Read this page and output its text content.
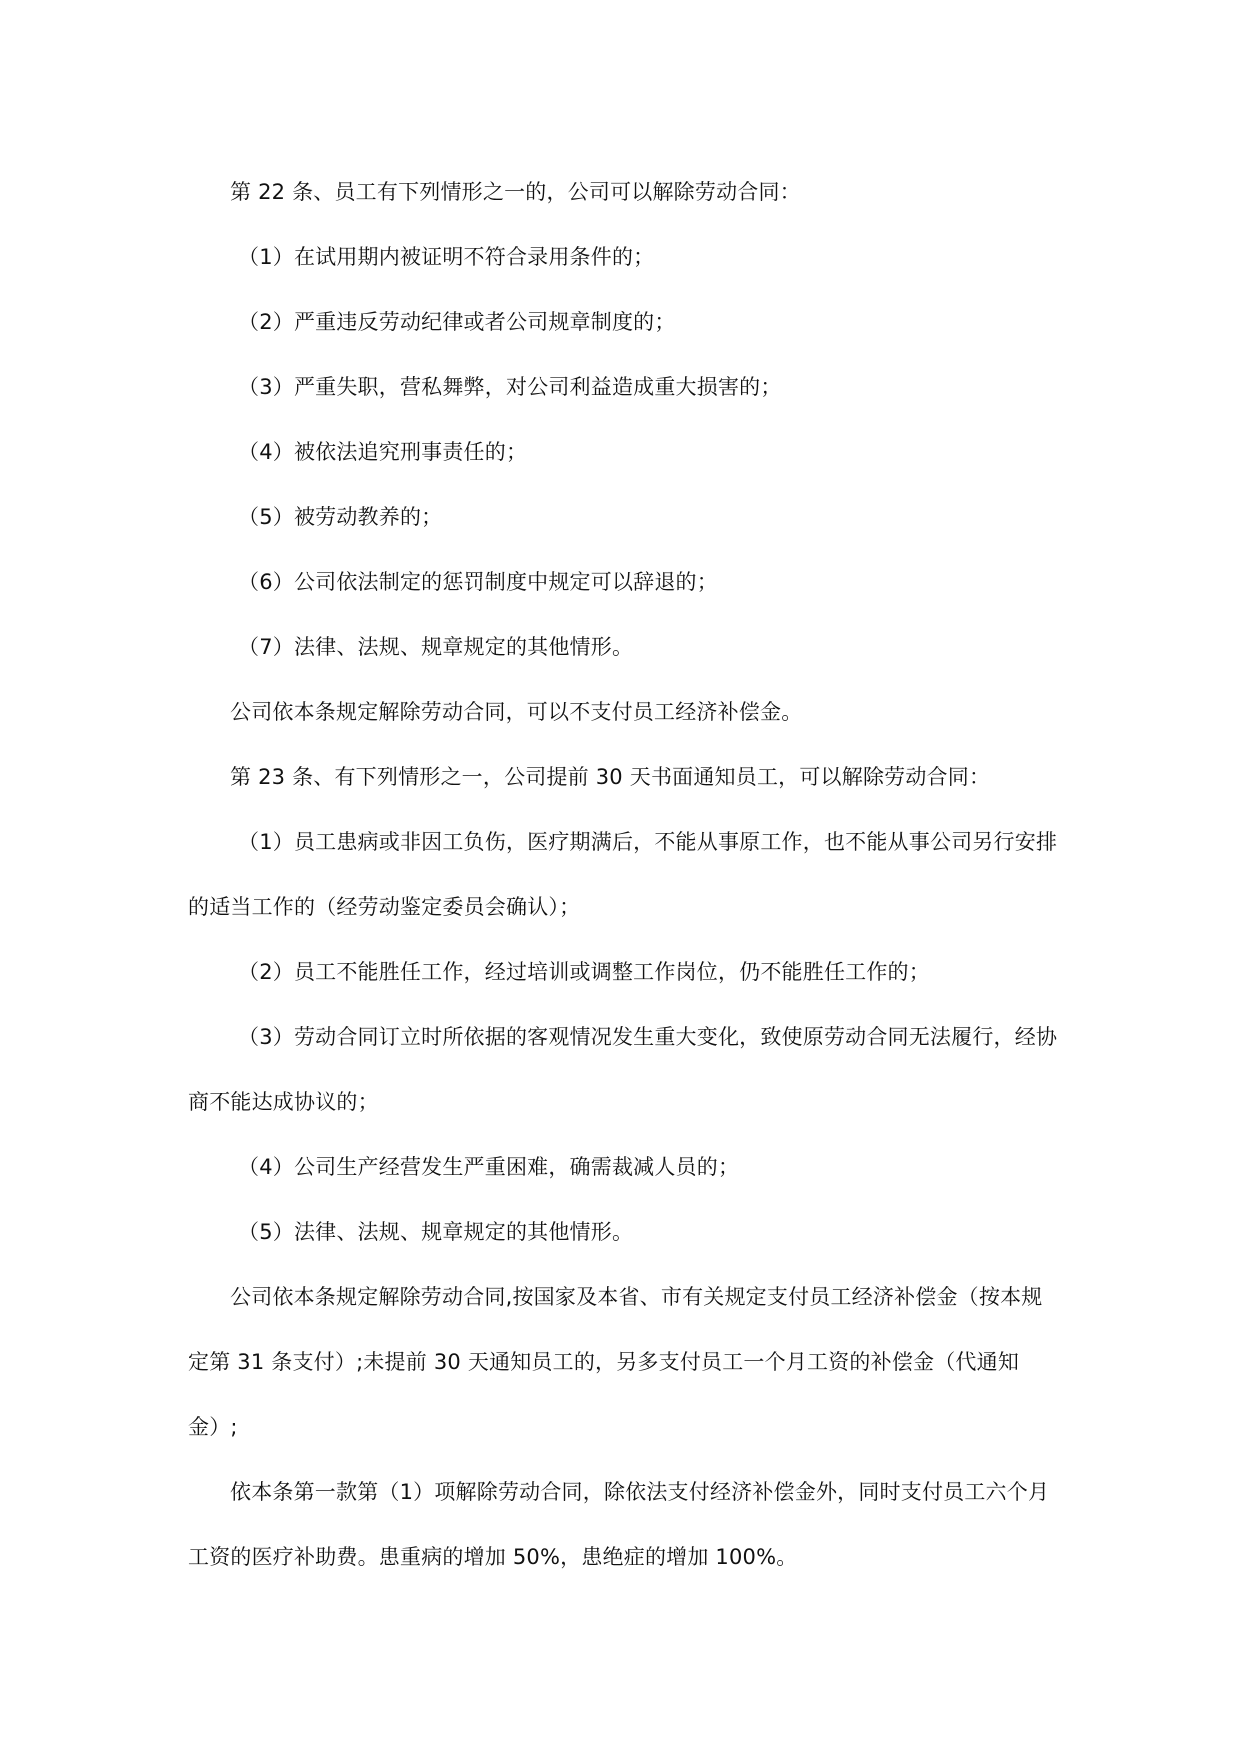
第 22 条、员工有下列情形之一的，公司可以解除劳动合同：

（1）在试用期内被证明不符合录用条件的；

（2）严重违反劳动纪律或者公司规章制度的；

（3）严重失职，营私舞弊，对公司利益造成重大损害的；

（4）被依法追究刑事责任的；

（5）被劳动教养的；

（6）公司依法制定的惩罚制度中规定可以辞退的；

（7）法律、法规、规章规定的其他情形。

公司依本条规定解除劳动合同，可以不支付员工经济补偿金。

第 23 条、有下列情形之一，公司提前 30 天书面通知员工，可以解除劳动合同：

（1）员工患病或非因工负伤，医疗期满后，不能从事原工作，也不能从事公司另行安排的适当工作的（经劳动鉴定委员会确认）；

（2）员工不能胜任工作，经过培训或调整工作岗位，仍不能胜任工作的；

（3）劳动合同订立时所依据的客观情况发生重大变化，致使原劳动合同无法履行，经协商不能达成协议的；

（4）公司生产经营发生严重困难，确需裁减人员的；

（5）法律、法规、规章规定的其他情形。

公司依本条规定解除劳动合同,按国家及本省、市有关规定支付员工经济补偿金（按本规定第 31 条支付）;未提前 30 天通知员工的，另多支付员工一个月工资的补偿金（代通知金）;

依本条第一款第（1）项解除劳动合同，除依法支付经济补偿金外，同时支付员工六个月工资的医疗补助费。患重病的增加 50%，患绝症的增加 100%。
